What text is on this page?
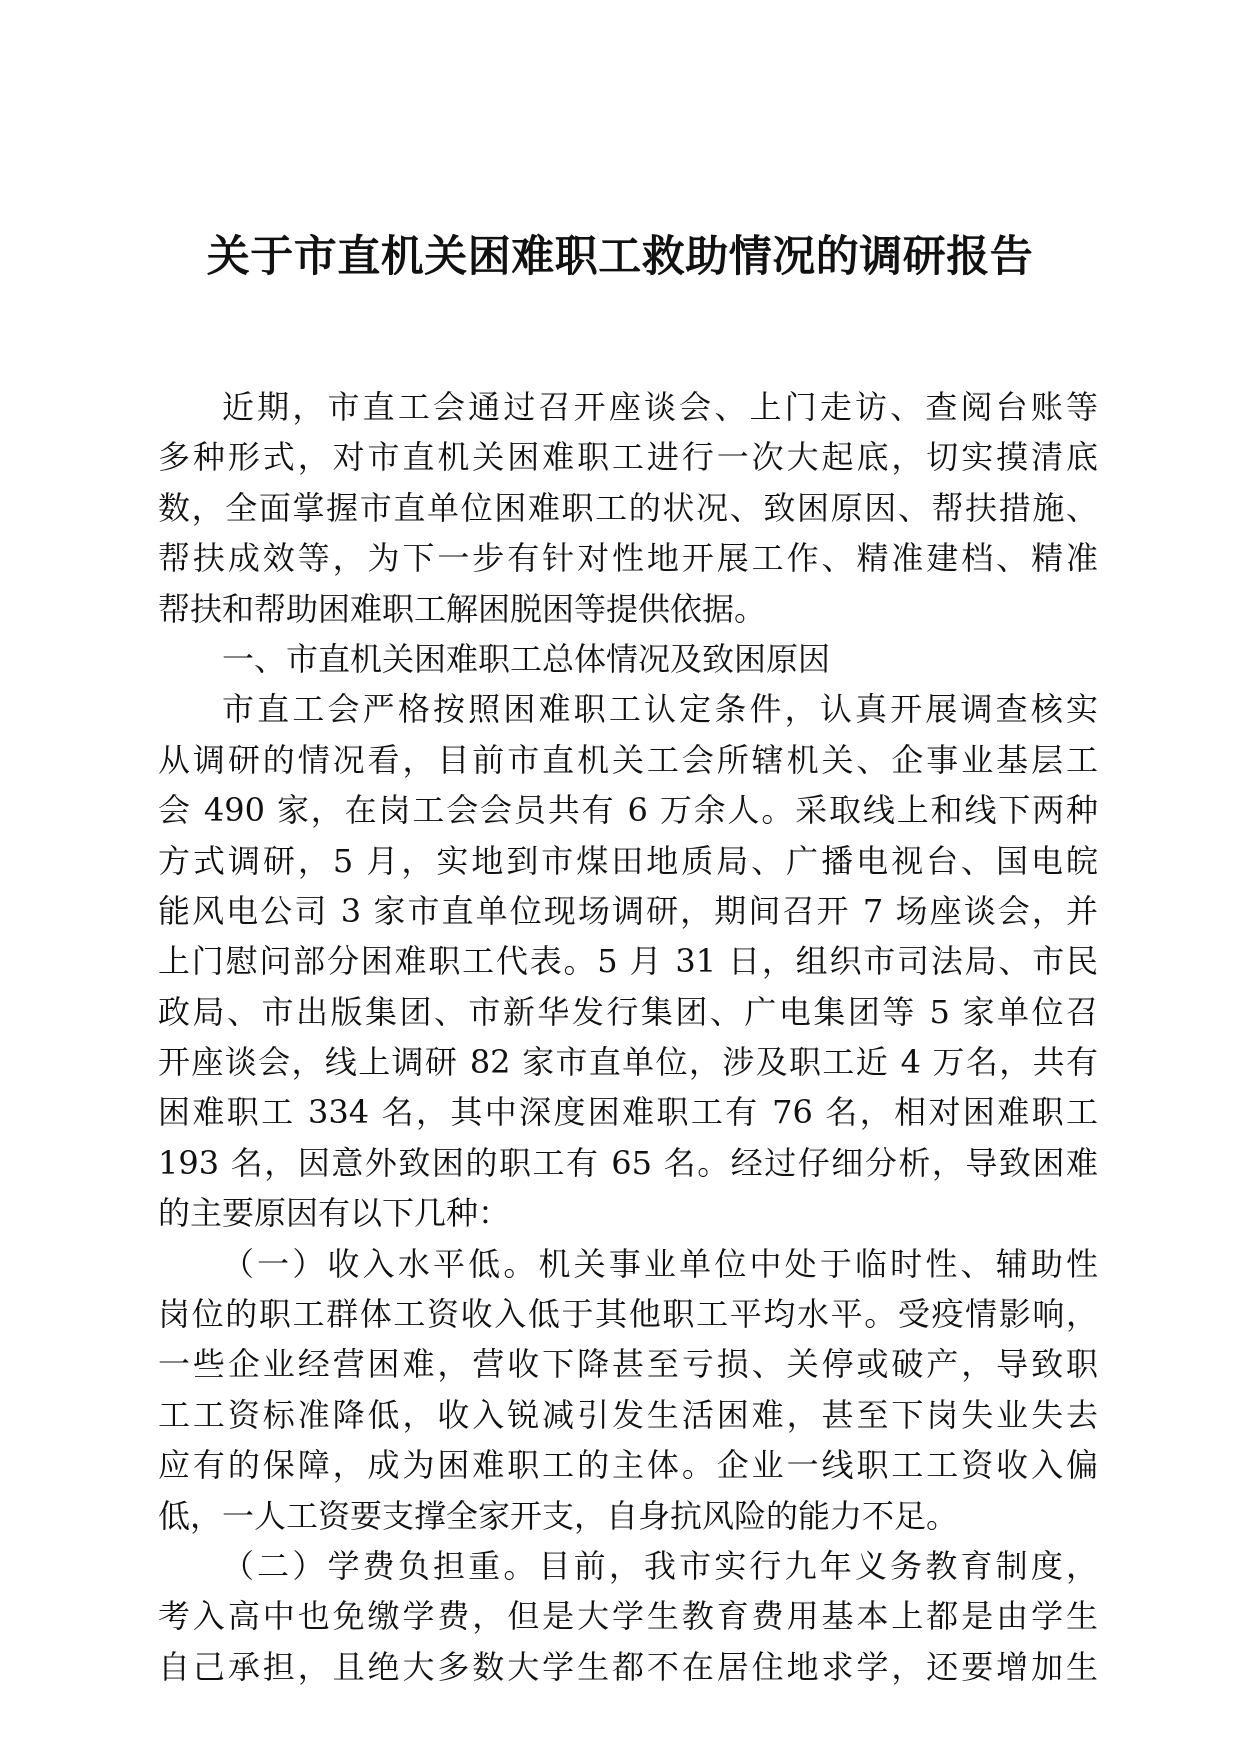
关于市直机关困难职工救助情况的调研报告

近期，市直工会通过召开座谈会、上门走访、查阅台账等

多种形式，对市直机关困难职工进行一次大起底，切实摸清底

数，全面掌握市直单位困难职工的状况、致困原因、帮扶措施、

帮扶成效等，为下一步有针对性地开展工作、精准建档、精准

帮扶和帮助困难职工解困脱困等提供依据。

一、市直机关困难职工总体情况及致困原因

市直工会严格按照困难职工认定条件，认真开展调查核实

从调研的情况看，目前市直机关工会所辖机关、企事业基层工

会 490 家，在岗工会会员共有 6 万余人。采取线上和线下两种

方式调研，5 月，实地到市煤田地质局、广播电视台、国电皖

能风电公司 3 家市直单位现场调研，期间召开 7 场座谈会，并

上门慰问部分困难职工代表。5 月 31 日，组织市司法局、市民

政局、市出版集团、市新华发行集团、广电集团等 5 家单位召

开座谈会，线上调研 82 家市直单位，涉及职工近 4 万名，共有

困难职工 334 名，其中深度困难职工有 76 名，相对困难职工

193 名，因意外致困的职工有 65 名。经过仔细分析，导致困难

的主要原因有以下几种：

（一）收入水平低。机关事业单位中处于临时性、辅助性

岗位的职工群体工资收入低于其他职工平均水平。受疫情影响，

一些企业经营困难，营收下降甚至亏损、关停或破产，导致职

工工资标准降低，收入锐减引发生活困难，甚至下岗失业失去

应有的保障，成为困难职工的主体。企业一线职工工资收入偏

低，一人工资要支撑全家开支，自身抗风险的能力不足。

（二）学费负担重。目前，我市实行九年义务教育制度，

考入高中也免缴学费，但是大学生教育费用基本上都是由学生

自己承担，且绝大多数大学生都不在居住地求学，还要增加生
